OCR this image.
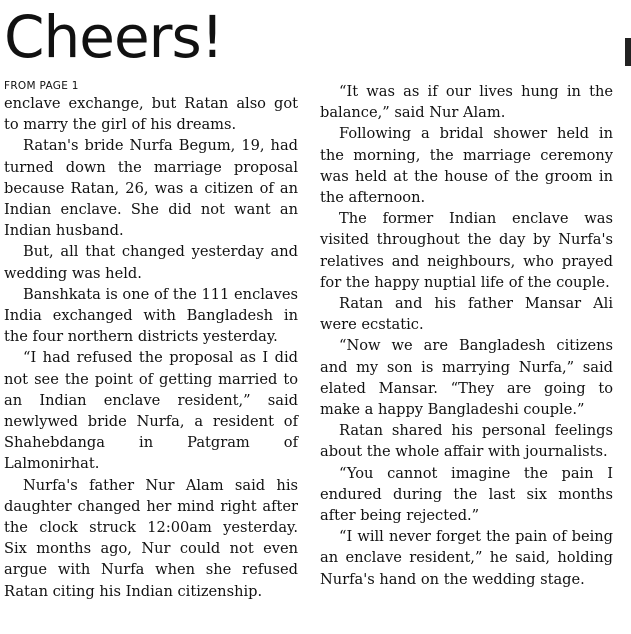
Cheers!
FROM PAGE 1

enclave exchange, but Ratan also got to marry the girl of his dreams.

Ratan's bride Nurfa Begum, 19, had turned down the marriage proposal because Ratan, 26, was a citizen of an Indian enclave. She did not want an Indian husband.

But, all that changed yesterday and wedding was held.

Banshkata is one of the 111 enclaves India exchanged with Bangladesh in the four northern districts yesterday.

“I had refused the proposal as I did not see the point of getting married to an Indian enclave resident,” said newlywed bride Nurfa, a resident of Shahebdanga in Patgram of Lalmonirhat.

Nurfa's father Nur Alam said his daughter changed her mind right after the clock struck 12:00am yesterday. Six months ago, Nur could not even argue with Nurfa when she refused Ratan citing his Indian citizenship.

“It was as if our lives hung in the balance,” said Nur Alam.

Following a bridal shower held in the morning, the marriage ceremony was held at the house of the groom in the afternoon.

The former Indian enclave was visited throughout the day by Nurfa's relatives and neighbours, who prayed for the happy nuptial life of the couple.

Ratan and his father Mansar Ali were ecstatic.

“Now we are Bangladesh citizens and my son is marrying Nurfa,” said elated Mansar. “They are going to make a happy Bangladeshi couple.”

Ratan shared his personal feelings about the whole affair with journalists.

“You cannot imagine the pain I endured during the last six months after being rejected.”

“I will never forget the pain of being an enclave resident,” he said, holding Nurfa's hand on the wedding stage.
